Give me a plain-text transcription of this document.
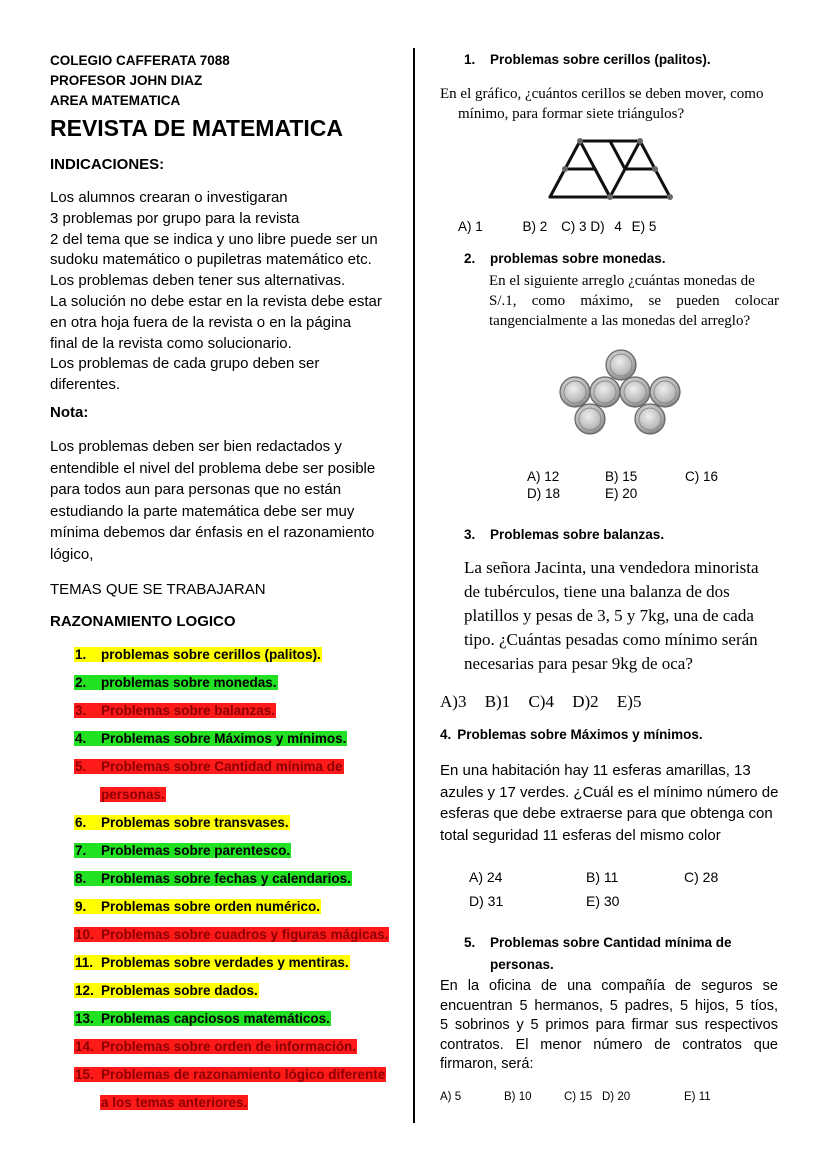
COLEGIO CAFFERATA 7088
PROFESOR JOHN DIAZ
AREA MATEMATICA
REVISTA DE MATEMATICA
INDICACIONES:
Los alumnos crearan o investigaran
3 problemas por grupo para la revista
2 del tema que se indica y uno libre puede ser un
sudoku matemático o pupiletras matemático etc.
Los problemas deben tener sus alternativas.
La solución no debe estar en la revista debe estar
en otra hoja fuera de la revista o en la página
final de la revista como solucionario.
Los problemas de cada grupo deben ser
diferentes.
Nota:
Los problemas deben ser bien redactados y
entendible el nivel del problema debe ser posible
para todos aun para personas que no están
estudiando la parte matemática debe ser muy
mínima debemos dar énfasis en el razonamiento
lógico,
TEMAS QUE SE TRABAJARAN
RAZONAMIENTO LOGICO
1. problemas sobre cerillos (palitos).
2. problemas sobre monedas.
3. Problemas sobre balanzas.
4. Problemas sobre Máximos y mínimos.
5. Problemas sobre Cantidad mínima de
personas.
6. Problemas sobre transvases.
7. Problemas sobre parentesco.
8. Problemas sobre fechas y calendarios.
9. Problemas sobre orden numérico.
10. Problemas sobre cuadros y figuras mágicas.
11. Problemas sobre verdades y mentiras.
12. Problemas sobre dados.
13. Problemas capciosos matemáticos.
14. Problemas sobre orden de información.
15. Problemas de razonamiento lógico diferente
a los temas anteriores.
1. Problemas sobre cerillos (palitos).
En el gráfico, ¿cuántos cerillos se deben mover, como
mínimo, para formar siete triángulos?
A) 1	B) 2 C) 3 D) 4 E) 5
2. problemas sobre monedas.
En el siguiente arreglo ¿cuántas monedas de
S/.1, como máximo, se pueden colocar
tangencialmente a las monedas del arreglo?
A) 12	B) 15	C) 16
D) 18	E) 20
3. Problemas sobre balanzas.
La señora Jacinta, una vendedora minorista
de tubérculos, tiene una balanza de dos
platillos y pesas de 3, 5 y 7kg, una de cada
tipo. ¿Cuántas pesadas como mínimo serán
necesarias para pesar 9kg de oca?
A)3 B)1 C)4 D)2 E)5
4. Problemas sobre Máximos y mínimos.
En una habitación hay 11 esferas amarillas, 13
azules y 17 verdes. ¿Cuál es el mínimo número de
esferas que debe extraerse para que obtenga con
total seguridad 11 esferas del mismo color
A) 24	B) 11	C) 28
D) 31	E) 30
5. Problemas sobre Cantidad mínima de
personas.
En la oficina de una compañía de seguros se
encuentran 5 hermanos, 5 padres, 5 hijos, 5 tíos,
5 sobrinos y 5 primos para firmar sus respectivos
contratos. El menor número de contratos que
firmaron, será:
A) 5	B) 10	C) 15 D) 20	E) 11
